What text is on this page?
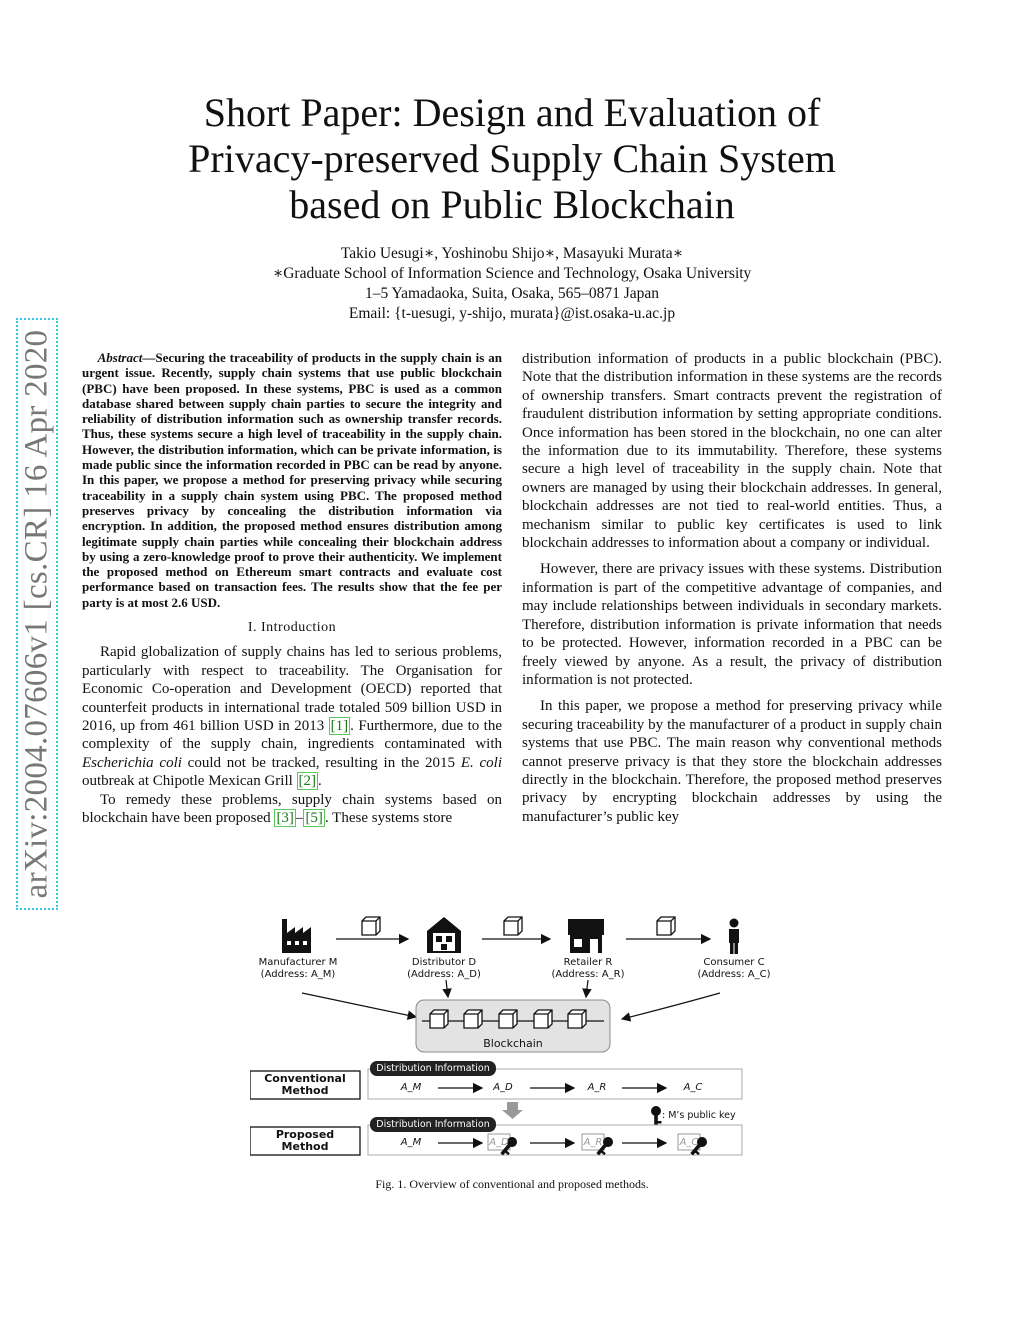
arXiv:2004.07606v1 [cs.CR] 16 Apr 2020
Short Paper: Design and Evaluation of
Privacy-preserved Supply Chain System
based on Public Blockchain
Takio Uesugi∗, Yoshinobu Shijo∗, Masayuki Murata∗
∗Graduate School of Information Science and Technology, Osaka University
1–5 Yamadaoka, Suita, Osaka, 565–0871 Japan
Email: {t-uesugi, y-shijo, murata}@ist.osaka-u.ac.jp

Abstract—Securing the traceability of products in the supply chain is an urgent issue. Recently, supply chain systems that use public blockchain (PBC) have been proposed. In these systems, PBC is used as a common database shared between supply chain parties to secure the integrity and reliability of distribution information such as ownership transfer records. Thus, these systems secure a high level of traceability in the supply chain. However, the distribution information, which can be private information, is made public since the information recorded in PBC can be read by anyone. In this paper, we propose a method for preserving privacy while securing traceability in a supply chain system using PBC. The proposed method preserves privacy by concealing the distribution information via encryption. In addition, the proposed method ensures distribution among legitimate supply chain parties while concealing their blockchain address by using a zero-knowledge proof to prove their authenticity. We implement the proposed method on Ethereum smart contracts and evaluate cost performance based on transaction fees. The results show that the fee per party is at most 2.6 USD.

I. Introduction

Rapid globalization of supply chains has led to serious problems, particularly with respect to traceability. The Organisation for Economic Co-operation and Development (OECD) reported that counterfeit products in international trade totaled 509 billion USD in 2016, up from 461 billion USD in 2013 [1] . Furthermore, due to the complexity of the supply chain, ingredients contaminated with Escherichia coli could not be tracked, resulting in the 2015 E. coli outbreak at Chipotle Mexican Grill [2] .

To remedy these problems, supply chain systems based on blockchain have been proposed [3] – [5] . These systems store

distribution information of products in a public blockchain (PBC). Note that the distribution information in these systems are the records of ownership transfers. Smart contracts prevent the registration of fraudulent distribution information by setting appropriate conditions. Once information has been stored in the blockchain, no one can alter the information due to its immutability. Therefore, these systems secure a high level of traceability in the supply chain. Note that owners are managed by using their blockchain addresses. In general, blockchain addresses are not tied to real-world entities. Thus, a mechanism similar to public key certificates is used to link blockchain addresses to information about a company or individual.

However, there are privacy issues with these systems. Distribution information is part of the competitive advantage of companies, and may include relationships between individuals in secondary markets. Therefore, distribution information is private information that needs to be protected. However, information recorded in a PBC can be freely viewed by anyone. As a result, the privacy of distribution information is not protected.

In this paper, we propose a method for preserving privacy while securing traceability by the manufacturer of a product in supply chain systems that use PBC. The main reason why conventional methods cannot preserve privacy is that they store the blockchain addresses directly in the blockchain. Therefore, the proposed method preserves privacy by encrypting blockchain addresses by using the manufacturer’s public key

Manufacturer M
(Address: A_M)
Distributor D
(Address: A_D)
Retailer R
(Address: A_R)
Consumer C
(Address: A_C)
Blockchain
Conventional Method
Proposed Method
Distribution Information
Distribution Information
A_M	A_D	A_R	A_C
A_M	A_D	A_R	A_C
: M’s public key
Fig. 1. Overview of conventional and proposed methods.
